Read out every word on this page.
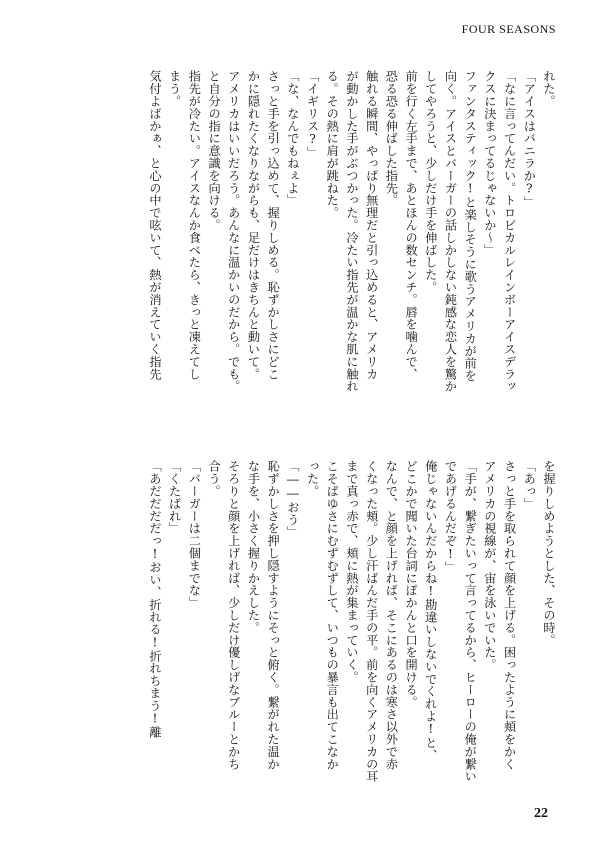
FOUR SEASONS
れた。
「アイスはバニラか?」
「なに言ってんだい。トロピカルレインボーアイスデラッ
クスに決まってるじゃないか〜」
ファンタスティック!と楽しそうに歌うアメリカが前を
向く。アイスとバーガーの話しかしない鈍感な恋人を驚か
してやろうと、少しだけ手を伸ばした。
前を行く左手まで、あとほんの数センチ。唇を噛んで、
恐る恐る伸ばした指先。
触れる瞬間、やっぱり無理だと引っ込めると、アメリカ
が動かした手がぶつかった。冷たい指先が温かな肌に触れ
る。その熱に肩が跳ねた。
「イギリス?」
「な、なんでもねぇよ」
さっと手を引っ込めて、握りしめる。恥ずかしさにどこ
かに隠れたくなりながらも、足だけはきちんと動いて。
アメリカはいいだろう。あんなに温かいのだから。でも。
と自分の指に意識を向ける。
指先が冷たい。アイスなんか食べたら、きっと凍えてし
まう。
気付よばかぁ、と心の中で呟いて、熱が消えていく指先
を握りしめようとした、その時。
「あっ」
さっと手を取られて顔を上げる。困ったように頬をかく
アメリカの視線が、宙を泳いでいた。
「手が、繋ぎたいって言ってるから、ヒーローの俺が繋い
であげるんだぞ!」
俺じゃないんだからね!勘違いしないでくれよ!と、
どこかで聞いた台詞にぽかんと口を開ける。
なんで、と顔を上げれば、そこにあるのは寒さ以外で赤
くなった頬。少し汗ばんだ手の平。前を向くアメリカの耳
まで真っ赤で、頬に熱が集まっていく。
こそばゆさにむずむずして、いつもの暴言も出てこなか
った。
「――おう」
恥ずかしさを押し隠すようにそっと俯く。繋がれた温か
な手を、小さく握りかえした。
そろりと顔を上げれば、少しだけ優しげなブルーとかち
合う。
「バーガーは二個までな」
「くたばれ」
「あだだだだっ!おい、折れる!折れちまう!離
22
